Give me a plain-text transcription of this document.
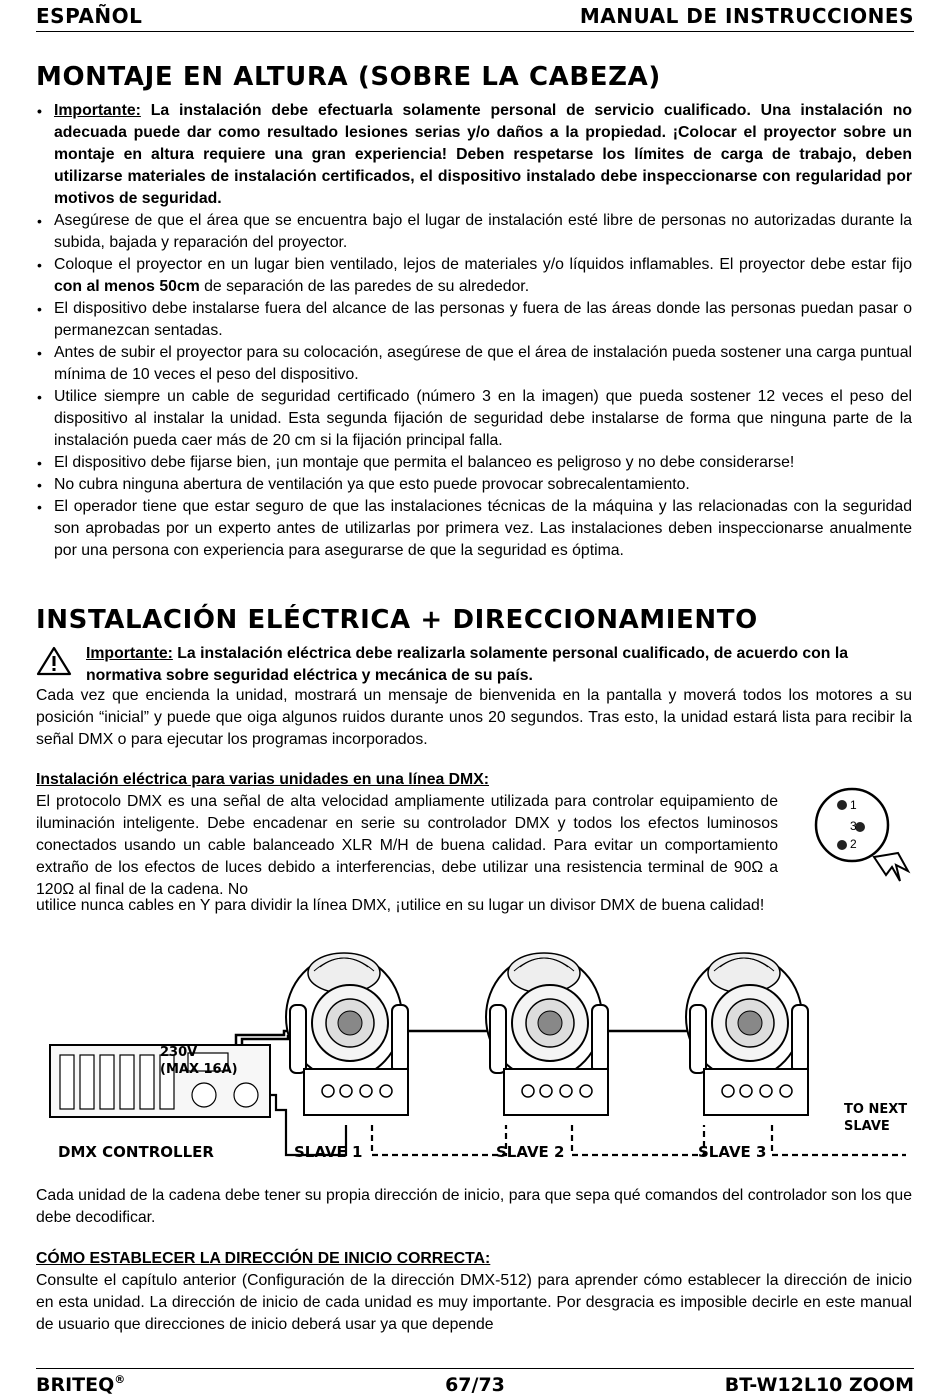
ESPAÑOL	MANUAL DE INSTRUCCIONES
MONTAJE EN ALTURA (SOBRE LA CABEZA)
• Importante: La instalación debe efectuarla solamente personal de servicio cualificado. Una instalación no adecuada puede dar como resultado lesiones serias y/o daños a la propiedad. ¡Colocar el proyector sobre un montaje en altura requiere una gran experiencia! Deben respetarse los límites de carga de trabajo, deben utilizarse materiales de instalación certificados, el dispositivo instalado debe inspeccionarse con regularidad por motivos de seguridad.
• Asegúrese de que el área que se encuentra bajo el lugar de instalación esté libre de personas no autorizadas durante la subida, bajada y reparación del proyector.
• Coloque el proyector en un lugar bien ventilado, lejos de materiales y/o líquidos inflamables. El proyector debe estar fijo con al menos 50cm de separación de las paredes de su alrededor.
• El dispositivo debe instalarse fuera del alcance de las personas y fuera de las áreas donde las personas puedan pasar o permanezcan sentadas.
• Antes de subir el proyector para su colocación, asegúrese de que el área de instalación pueda sostener una carga puntual mínima de 10 veces el peso del dispositivo.
• Utilice siempre un cable de seguridad certificado (número 3 en la imagen) que pueda sostener 12 veces el peso del dispositivo al instalar la unidad. Esta segunda fijación de seguridad debe instalarse de forma que ninguna parte de la instalación pueda caer más de 20 cm si la fijación principal falla.
• El dispositivo debe fijarse bien, ¡un montaje que permita el balanceo es peligroso y no debe considerarse!
• No cubra ninguna abertura de ventilación ya que esto puede provocar sobrecalentamiento.
• El operador tiene que estar seguro de que las instalaciones técnicas de la máquina y las relacionadas con la seguridad son aprobadas por un experto antes de utilizarlas por primera vez. Las instalaciones deben inspeccionarse anualmente por una persona con experiencia para asegurarse de que la seguridad es óptima.
INSTALACIÓN ELÉCTRICA + DIRECCIONAMIENTO
Importante: La instalación eléctrica debe realizarla solamente personal cualificado, de acuerdo con la normativa sobre seguridad eléctrica y mecánica de su país.
Cada vez que encienda la unidad, mostrará un mensaje de bienvenida en la pantalla y moverá todos los motores a su posición “inicial” y puede que oiga algunos ruidos durante unos 20 segundos. Tras esto, la unidad estará lista para recibir la señal DMX o para ejecutar los programas incorporados.
Instalación eléctrica para varias unidades en una línea DMX:
El protocolo DMX es una señal de alta velocidad ampliamente utilizada para controlar equipamiento de iluminación inteligente. Debe encadenar en serie su controlador DMX y todos los efectos luminosos conectados usando un cable balanceado XLR M/H de buena calidad. Para evitar un comportamiento extraño de los efectos de luces debido a interferencias, debe utilizar una resistencia terminal de 90Ω a 120Ω al final de la cadena. No
utilice nunca cables en Y para dividir la línea DMX, ¡utilice en su lugar un divisor DMX de buena calidad!
1
3
2
DMX CONTROLLER
230V
(MAX 16A)
SLAVE 1	SLAVE 2	SLAVE 3
TO NEXT
SLAVE
Cada unidad de la cadena debe tener su propia dirección de inicio, para que sepa qué comandos del controlador son los que debe decodificar.
CÓMO ESTABLECER LA DIRECCIÓN DE INICIO CORRECTA:
Consulte el capítulo anterior (Configuración de la dirección DMX-512) para aprender cómo establecer la dirección de inicio en esta unidad. La dirección de inicio de cada unidad es muy importante. Por desgracia es imposible decirle en este manual de usuario que direcciones de inicio deberá usar ya que depende
BRITEQ®	67/73	BT-W12L10 ZOOM
